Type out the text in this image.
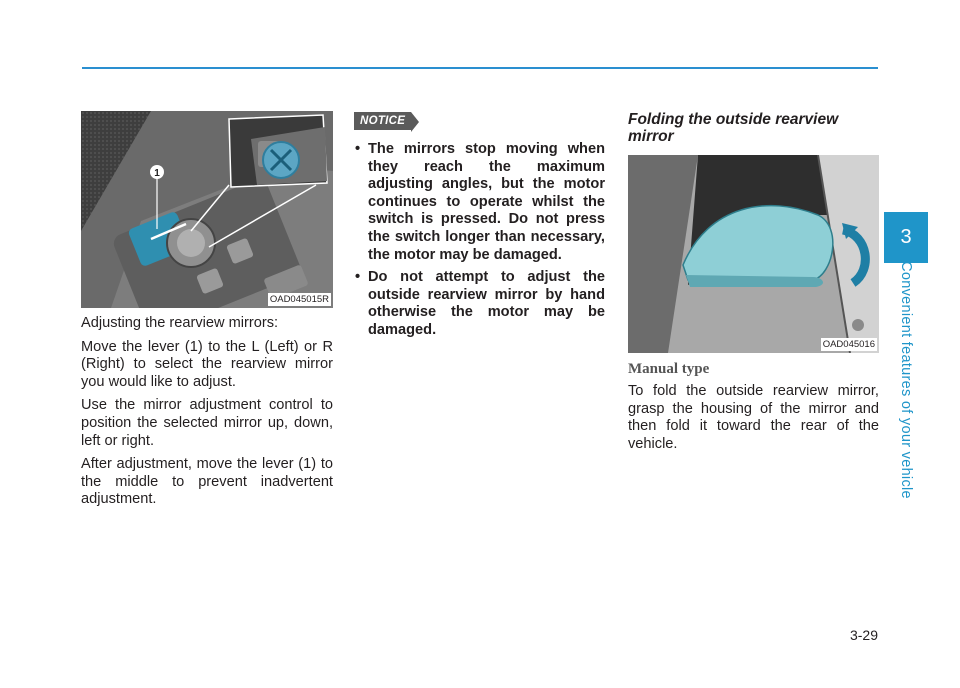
1
OAD045015R

Adjusting the rearview mirrors:

Move the lever (1) to the L (Left) or R (Right) to select the rearview mirror you would like to adjust.

Use the mirror adjustment control to position the selected mirror up, down, left or right.

After adjustment, move the lever (1) to the middle to prevent inadvertent adjustment.

NOTICE
• The mirrors stop moving when they reach the maximum adjusting angles, but the motor continues to operate whilst the switch is pressed. Do not press the switch longer than necessary, the motor may be damaged.
• Do not attempt to adjust the outside rearview mirror by hand otherwise the motor may be damaged.
Folding the outside rearview mirror
OAD045016
Manual type

To fold the outside rearview mirror, grasp the housing of the mirror and then fold it toward the rear of the vehicle.

3
Convenient features of your vehicle
3-29
